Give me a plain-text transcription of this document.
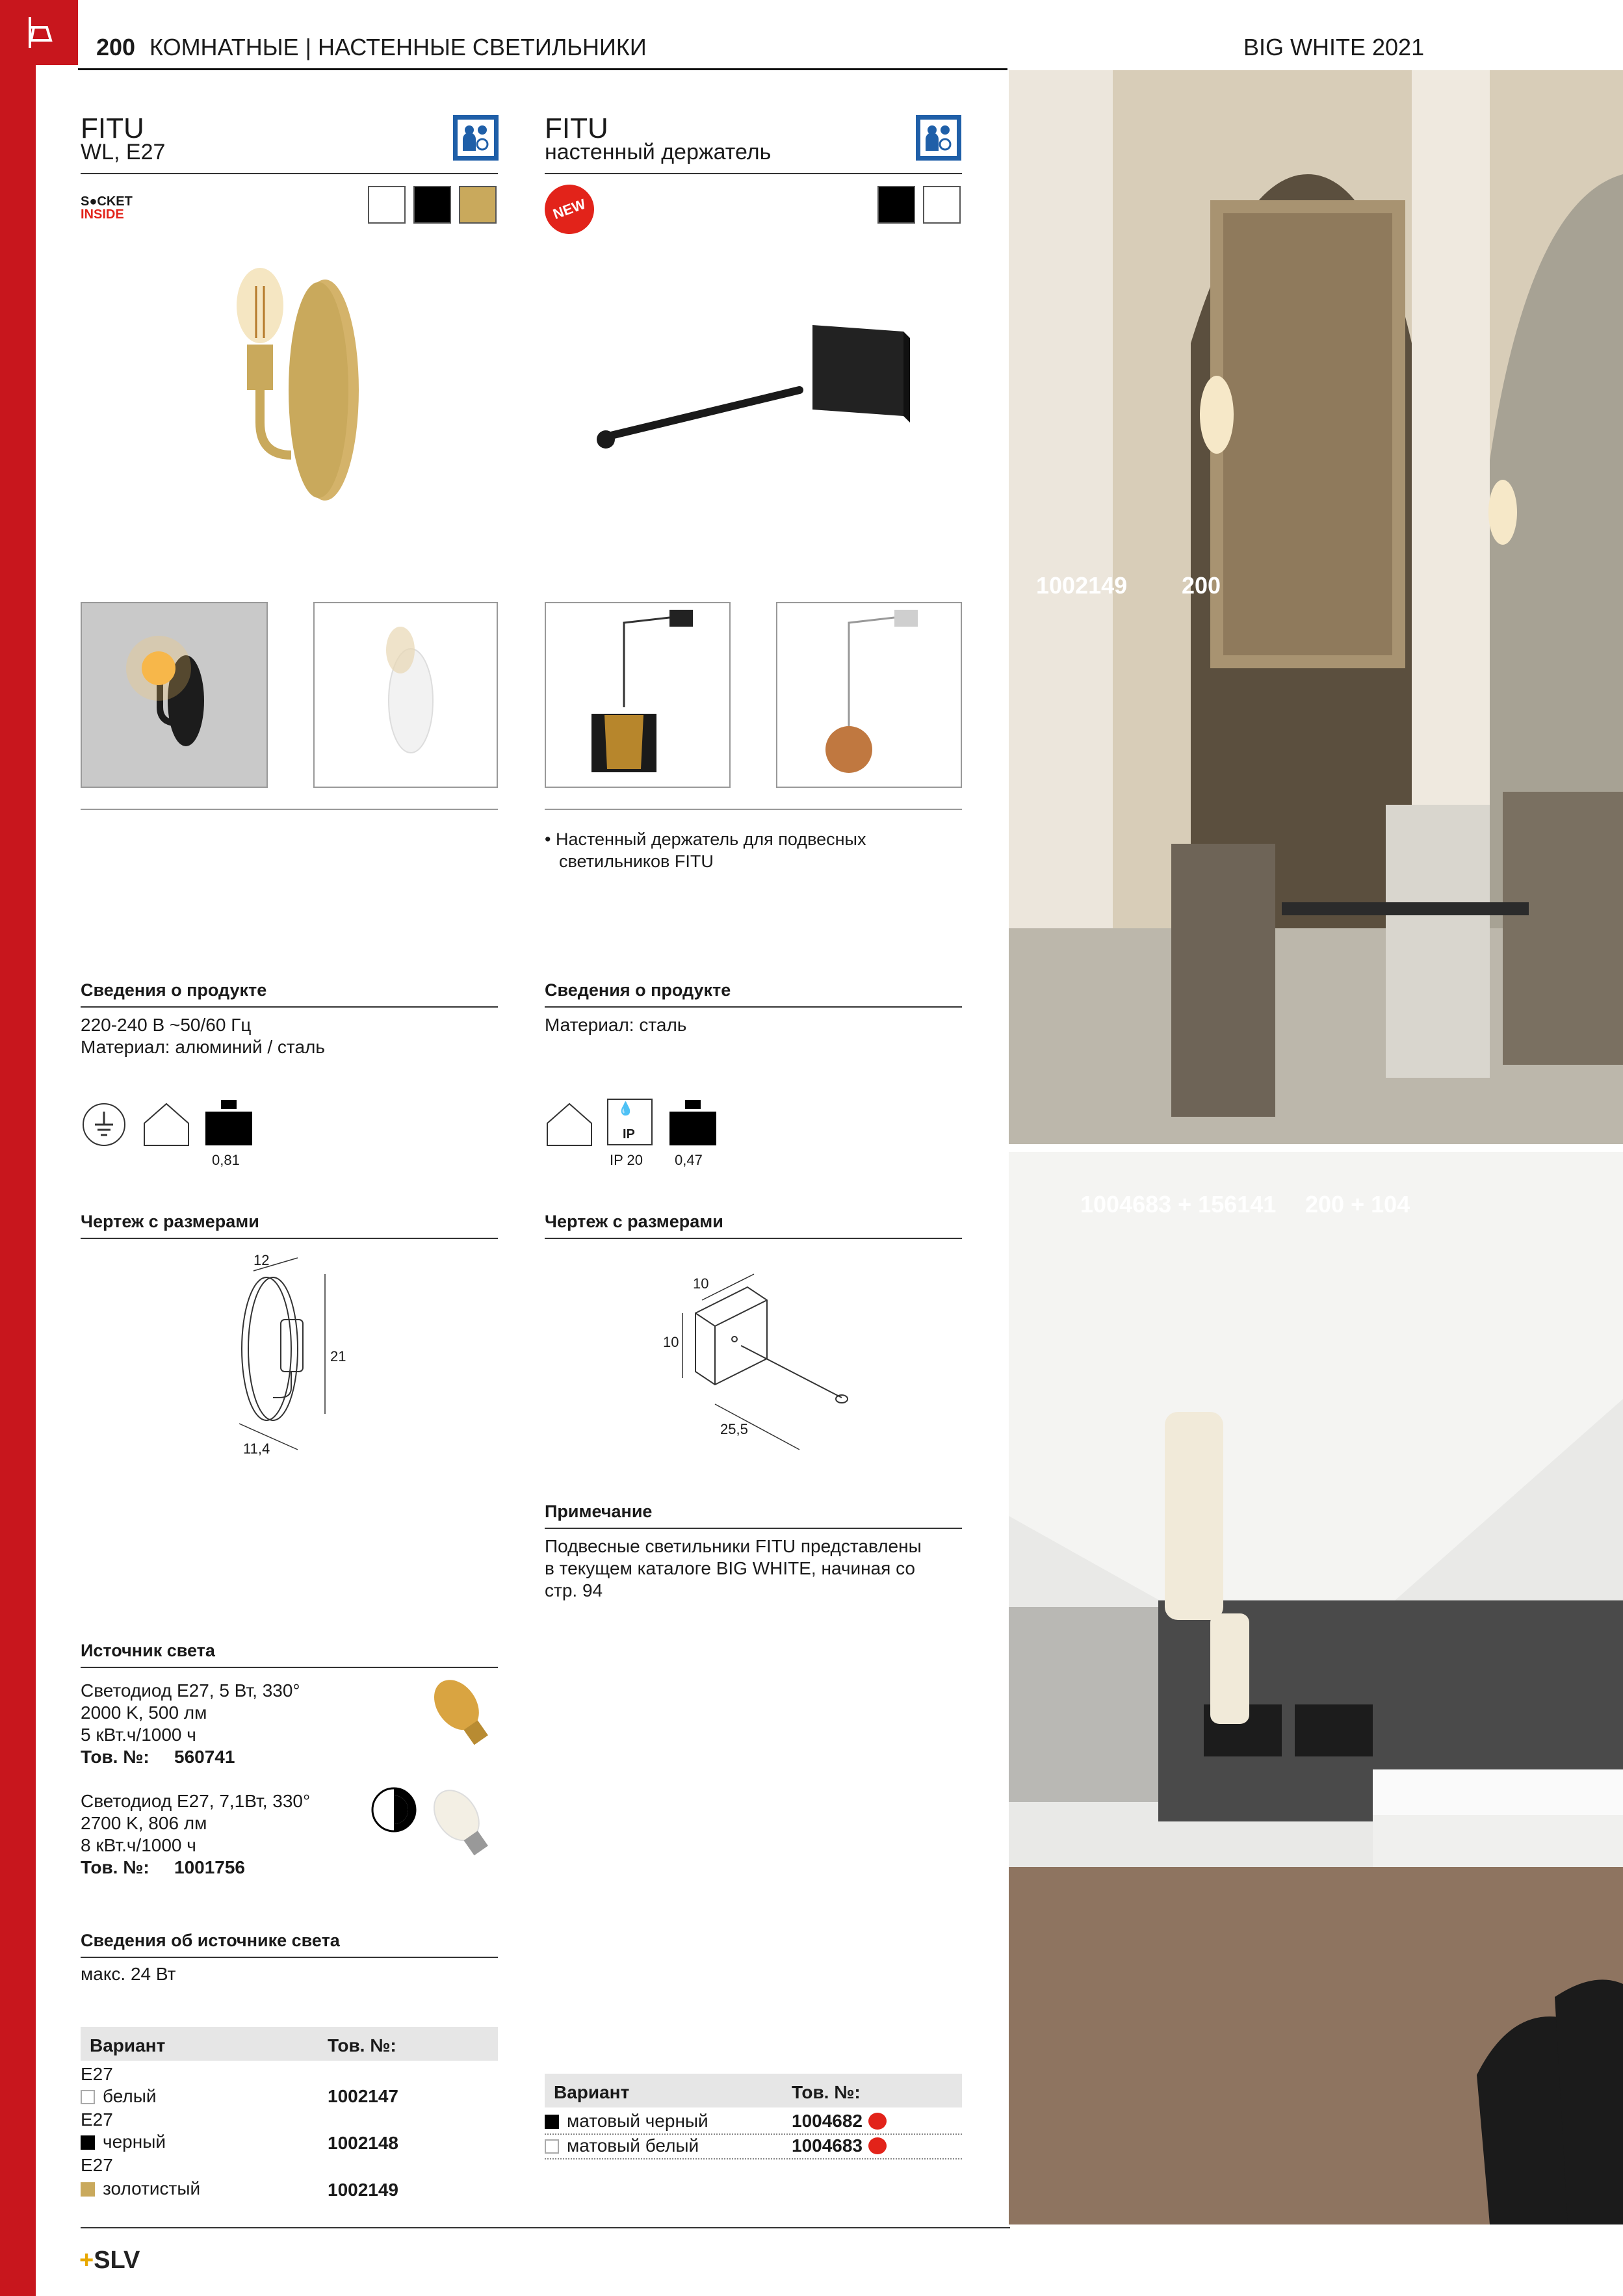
200 КОМНАТНЫЕ | НАСТЕННЫЕ СВЕТИЛЬНИКИ	BIG WHITE 2021
FITU
WL, E27
S●CKET
INSIDE
Сведения о продукте
220-240 В ~50/60 Гц
Материал: алюминий / сталь
0,81
Чертеж с размерами
12
21
11,4
Источник света
Светодиод E27, 5 Вт, 330°
2000 K, 500 лм
5 кВт.ч/1000 ч
Тов. №: 560741
Светодиод E27, 7,1Вт, 330°
2700 K, 806 лм
8 кВт.ч/1000 ч
Тов. №: 1001756
Сведения об источнике света
макс. 24 Вт
Вариант	Тов. №:
E27
белый	1002147
E27
черный	1002148
E27
золотистый	1002149
FITU
настенный держатель
NEW
• Настенный держатель для подвесных
светильников FITU
Сведения о продукте
Материал: сталь
💧
IP
IP 20 0,47
Чертеж с размерами
10
10
25,5
Примечание
Подвесные светильники FITU представлены
в текущем каталоге BIG WHITE, начиная со
стр. 94
Вариант	Тов. №:
матовый черный	1004682
матовый белый	1004683
1002149 200
1004683 + 156141 200 + 104
+SLV
